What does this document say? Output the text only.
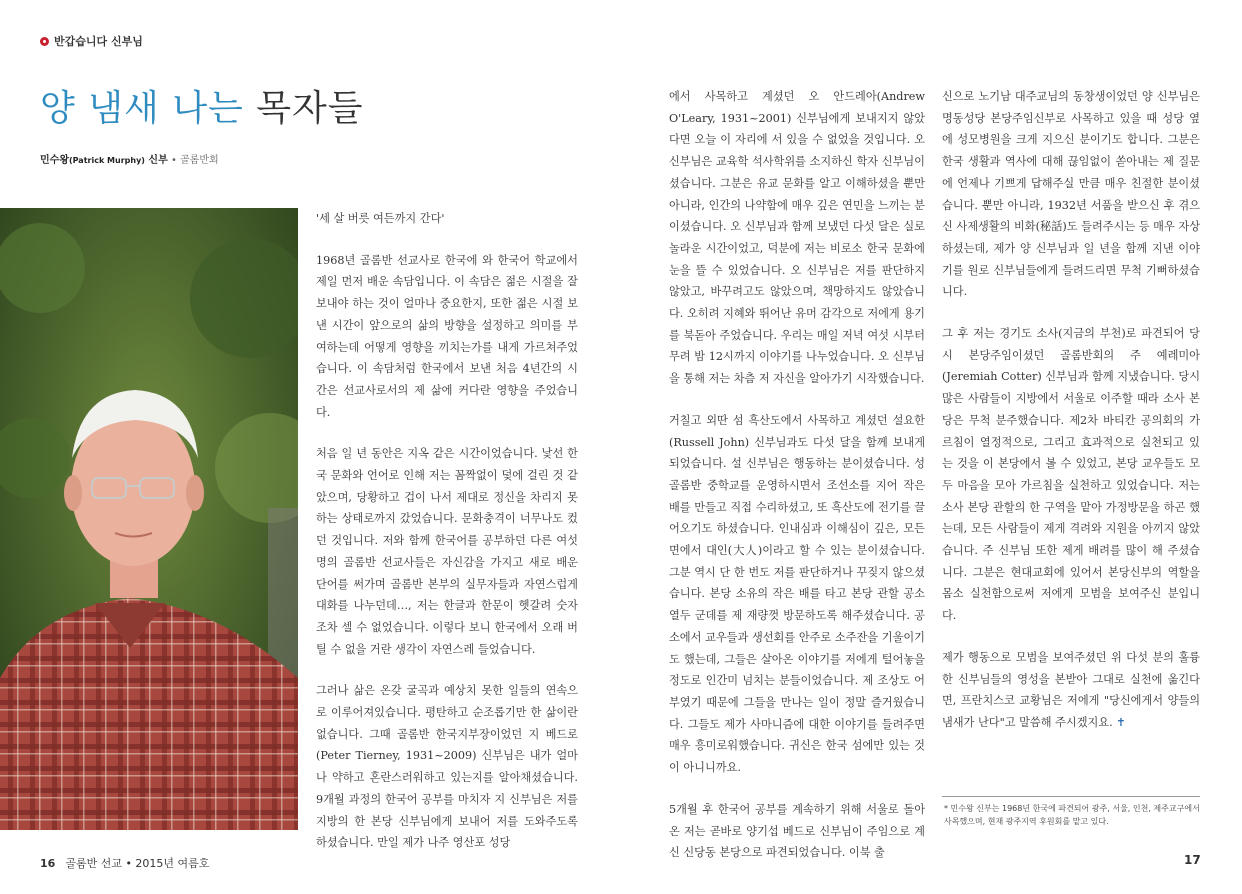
반갑습니다 신부님
양 냄새 나는 목자들
민수왕(Patrick Murphy) 신부 • 골롬반회

'세 살 버릇 여든까지 간다'

1968년 골롬반 선교사로 한국에 와 한국어 학교에서 제일 먼저 배운 속담입니다. 이 속담은 젊은 시절을 잘 보내야 하는 것이 얼마나 중요한지, 또한 젊은 시절 보낸 시간이 앞으로의 삶의 방향을 설정하고 의미를 부여하는데 어떻게 영향을 끼치는가를 내게 가르쳐주었습니다. 이 속담처럼 한국에서 보낸 처음 4년간의 시간은 선교사로서의 제 삶에 커다란 영향을 주었습니다.

처음 일 년 동안은 지옥 같은 시간이었습니다. 낯선 한국 문화와 언어로 인해 저는 꼼짝없이 덫에 걸린 것 같았으며, 당황하고 겁이 나서 제대로 정신을 차리지 못하는 상태로까지 갔었습니다. 문화충격이 너무나도 컸던 것입니다. 저와 함께 한국어를 공부하던 다른 여섯 명의 골롬반 선교사들은 자신감을 가지고 새로 배운 단어를 써가며 골롬반 본부의 실무자들과 자연스럽게 대화를 나누던데…, 저는 한글과 한문이 헷갈려 숫자조차 셀 수 없었습니다. 이렇다 보니 한국에서 오래 버틸 수 없을 거란 생각이 자연스레 들었습니다.

그러나 삶은 온갖 굴곡과 예상치 못한 일들의 연속으로 이루어져있습니다. 평탄하고 순조롭기만 한 삶이란 없습니다. 그때 골롬반 한국지부장이었던 지 베드로(Peter Tierney, 1931~2009) 신부님은 내가 얼마나 약하고 혼란스러워하고 있는지를 알아채셨습니다. 9개월 과정의 한국어 공부를 마치자 지 신부님은 저를 지방의 한 본당 신부님에게 보내어 저를 도와주도록 하셨습니다. 만일 제가 나주 영산포 성당

에서 사목하고 계셨던 오 안드레아(Andrew O'Leary, 1931~2001) 신부님에게 보내지지 않았다면 오늘 이 자리에 서 있을 수 없었을 것입니다. 오 신부님은 교육학 석사학위를 소지하신 학자 신부님이셨습니다. 그분은 유교 문화를 알고 이해하셨을 뿐만 아니라, 인간의 나약함에 매우 깊은 연민을 느끼는 분이셨습니다. 오 신부님과 함께 보냈던 다섯 달은 실로 놀라운 시간이었고, 덕분에 저는 비로소 한국 문화에 눈을 뜰 수 있었습니다. 오 신부님은 저를 판단하지 않았고, 바꾸려고도 않았으며, 책망하지도 않았습니다. 오히려 지혜와 뛰어난 유머 감각으로 저에게 용기를 북돋아 주었습니다. 우리는 매일 저녁 여섯 시부터 무려 밤 12시까지 이야기를 나누었습니다. 오 신부님을 통해 저는 차츰 저 자신을 알아가기 시작했습니다.

거칠고 외딴 섬 흑산도에서 사목하고 계셨던 설요한(Russell John) 신부님과도 다섯 달을 함께 보내게 되었습니다. 설 신부님은 행동하는 분이셨습니다. 성 골롬반 중학교를 운영하시면서 조선소를 지어 작은 배를 만들고 직접 수리하셨고, 또 흑산도에 전기를 끌어오기도 하셨습니다. 인내심과 이해심이 깊은, 모든 면에서 대인(大人)이라고 할 수 있는 분이셨습니다. 그분 역시 단 한 번도 저를 판단하거나 꾸짖지 않으셨습니다. 본당 소유의 작은 배를 타고 본당 관할 공소 열두 군데를 제 재량껏 방문하도록 해주셨습니다. 공소에서 교우들과 생선회를 안주로 소주잔을 기울이기도 했는데, 그들은 살아온 이야기를 저에게 털어놓을 정도로 인간미 넘치는 분들이었습니다. 제 조상도 어부였기 때문에 그들을 만나는 일이 정말 즐거웠습니다. 그들도 제가 사마니즘에 대한 이야기를 들려주면 매우 흥미로워했습니다. 귀신은 한국 섬에만 있는 것이 아니니까요.

5개월 후 한국어 공부를 계속하기 위해 서울로 돌아온 저는 곧바로 양기섭 베드로 신부님이 주임으로 계신 신당동 본당으로 파견되었습니다. 이북 출

신으로 노기남 대주교님의 동창생이었던 양 신부님은 명동성당 본당주임신부로 사목하고 있을 때 성당 옆에 성모병원을 크게 지으신 분이기도 합니다. 그분은 한국 생활과 역사에 대해 끊임없이 쏟아내는 제 질문에 언제나 기쁘게 답해주실 만큼 매우 친절한 분이셨습니다. 뿐만 아니라, 1932년 서품을 받으신 후 겪으신 사제생활의 비화(秘話)도 들려주시는 등 매우 자상하셨는데, 제가 양 신부님과 일 년을 함께 지낸 이야기를 원로 신부님들에게 들려드리면 무척 기뻐하셨습니다.

그 후 저는 경기도 소사(지금의 부천)로 파견되어 당시 본당주임이셨던 골롬반회의 주 예레미아(Jeremiah Cotter) 신부님과 함께 지냈습니다. 당시 많은 사람들이 지방에서 서울로 이주할 때라 소사 본당은 무척 분주했습니다. 제2차 바티칸 공의회의 가르침이 열정적으로, 그리고 효과적으로 실천되고 있는 것을 이 본당에서 볼 수 있었고, 본당 교우들도 모두 마음을 모아 가르침을 실천하고 있었습니다. 저는 소사 본당 관할의 한 구역을 맡아 가정방문을 하곤 했는데, 모든 사람들이 제게 격려와 지원을 아끼지 않았습니다. 주 신부님 또한 제게 배려를 많이 해 주셨습니다. 그분은 현대교회에 있어서 본당신부의 역할을 몸소 실천함으로써 저에게 모범을 보여주신 분입니다.

제가 행동으로 모범을 보여주셨던 위 다섯 분의 훌륭한 신부님들의 영성을 본받아 그대로 실천에 옮긴다면, 프란치스코 교황님은 저에게 "당신에게서 양들의 냄새가 난다"고 말씀해 주시겠지요. ✝

* 민수왕 신부는 1968년 한국에 파견되어 광주, 서울, 인천, 제주교구에서 사목했으며, 현재 광주지역 후원회를 맡고 있다.
16 골롬반 선교 • 2015년 여름호	17
